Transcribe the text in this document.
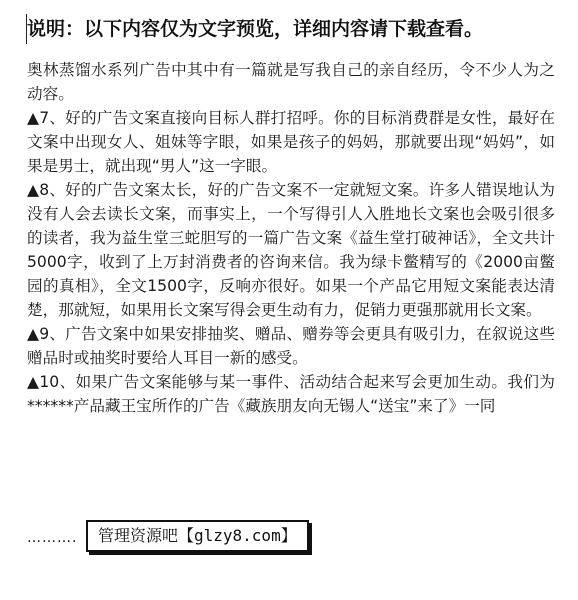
说明：以下内容仅为文字预览，详细内容请下载查看。

奥林蒸馏水系列广告中其中有一篇就是写我自己的亲自经历，令不少人为之动容。

▲7、好的广告文案直接向目标人群打招呼。你的目标消费群是女性，最好在文案中出现女人、姐妹等字眼，如果是孩子的妈妈，那就要出现“妈妈”，如果是男士，就出现“男人”这一字眼。

▲8、好的广告文案太长，好的广告文案不一定就短文案。许多人错误地认为没有人会去读长文案，而事实上，一个写得引人入胜地长文案也会吸引很多的读者，我为益生堂三蛇胆写的一篇广告文案《益生堂打破神话》，全文共计5000字，收到了上万封消费者的咨询来信。我为绿卡鳖精写的《2000亩鳖园的真相》，全文1500字，反响亦很好。如果一个产品它用短文案能表达清楚，那就短，如果用长文案写得会更生动有力，促销力更强那就用长文案。

▲9、广告文案中如果安排抽奖、赠品、赠券等会更具有吸引力，在叙说这些赠品时或抽奖时要给人耳目一新的感受。

▲10、如果广告文案能够与某一事件、活动结合起来写会更加生动。我们为******产品藏王宝所作的广告《藏族朋友向无锡人“送宝”来了》一同

……….	管理资源吧【glzy8.com】
